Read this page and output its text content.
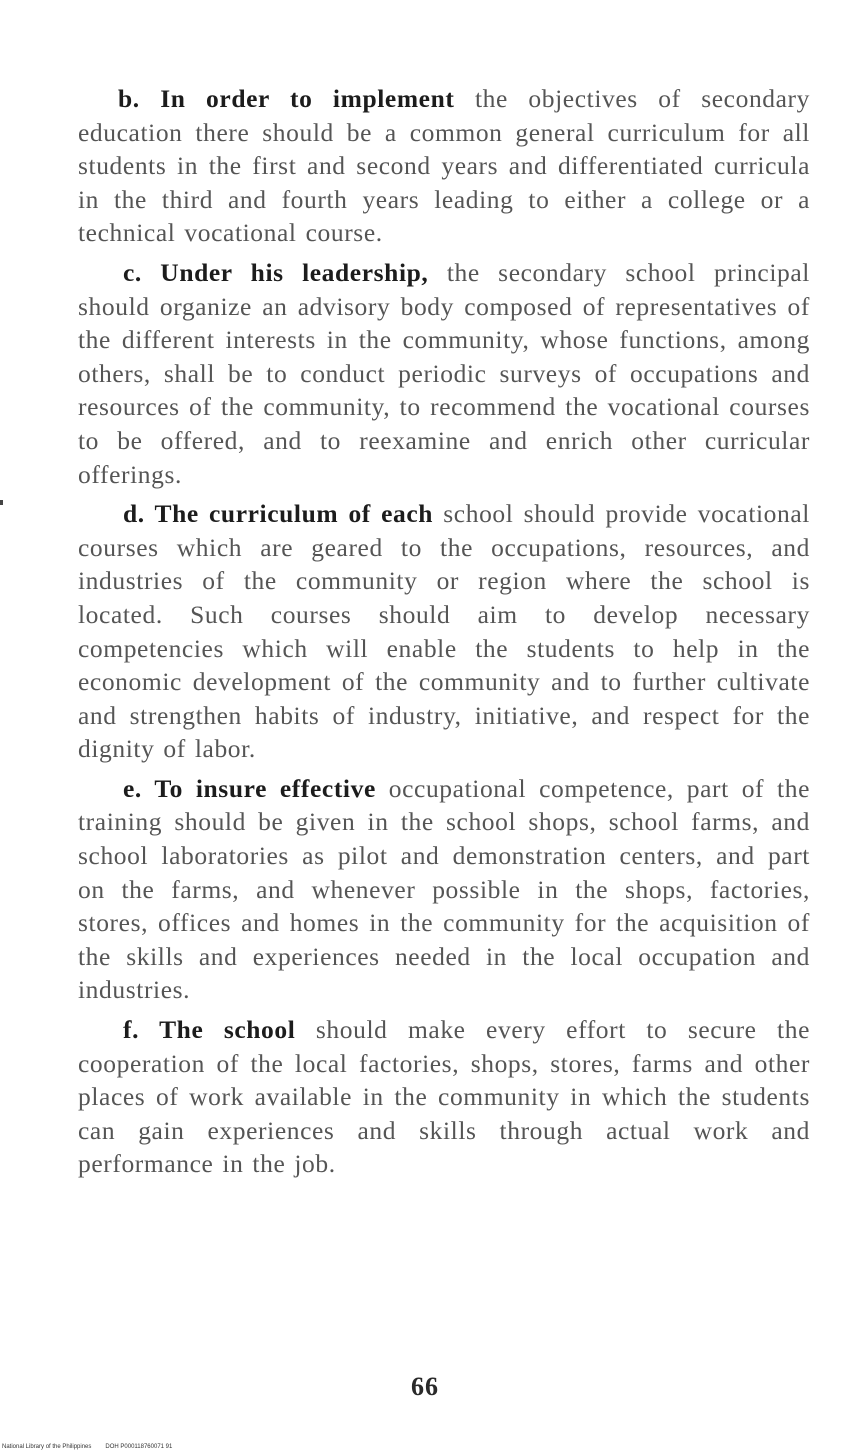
b. In order to implement the objectives of secondary education there should be a common general curriculum for all students in the first and second years and differentiated curricula in the third and fourth years leading to either a college or a technical vocational course.

c. Under his leadership, the secondary school principal should organize an advisory body composed of representatives of the different interests in the community, whose functions, among others, shall be to conduct periodic surveys of occupations and resources of the community, to recommend the vocational courses to be offered, and to reexamine and enrich other curricular offerings.

d. The curriculum of each school should provide vocational courses which are geared to the occupations, resources, and industries of the community or region where the school is located. Such courses should aim to develop necessary competencies which will enable the students to help in the economic development of the community and to further cultivate and strengthen habits of industry, initiative, and respect for the dignity of labor.

e. To insure effective occupational competence, part of the training should be given in the school shops, school farms, and school laboratories as pilot and demonstration centers, and part on the farms, and whenever possible in the shops, factories, stores, offices and homes in the community for the acquisition of the skills and experiences needed in the local occupation and industries.

f. The school should make every effort to secure the cooperation of the local factories, shops, stores, farms and other places of work available in the community in which the students can gain experiences and skills through actual work and performance in the job.

66
National Library of the Philippines DOH P000118760071 91
